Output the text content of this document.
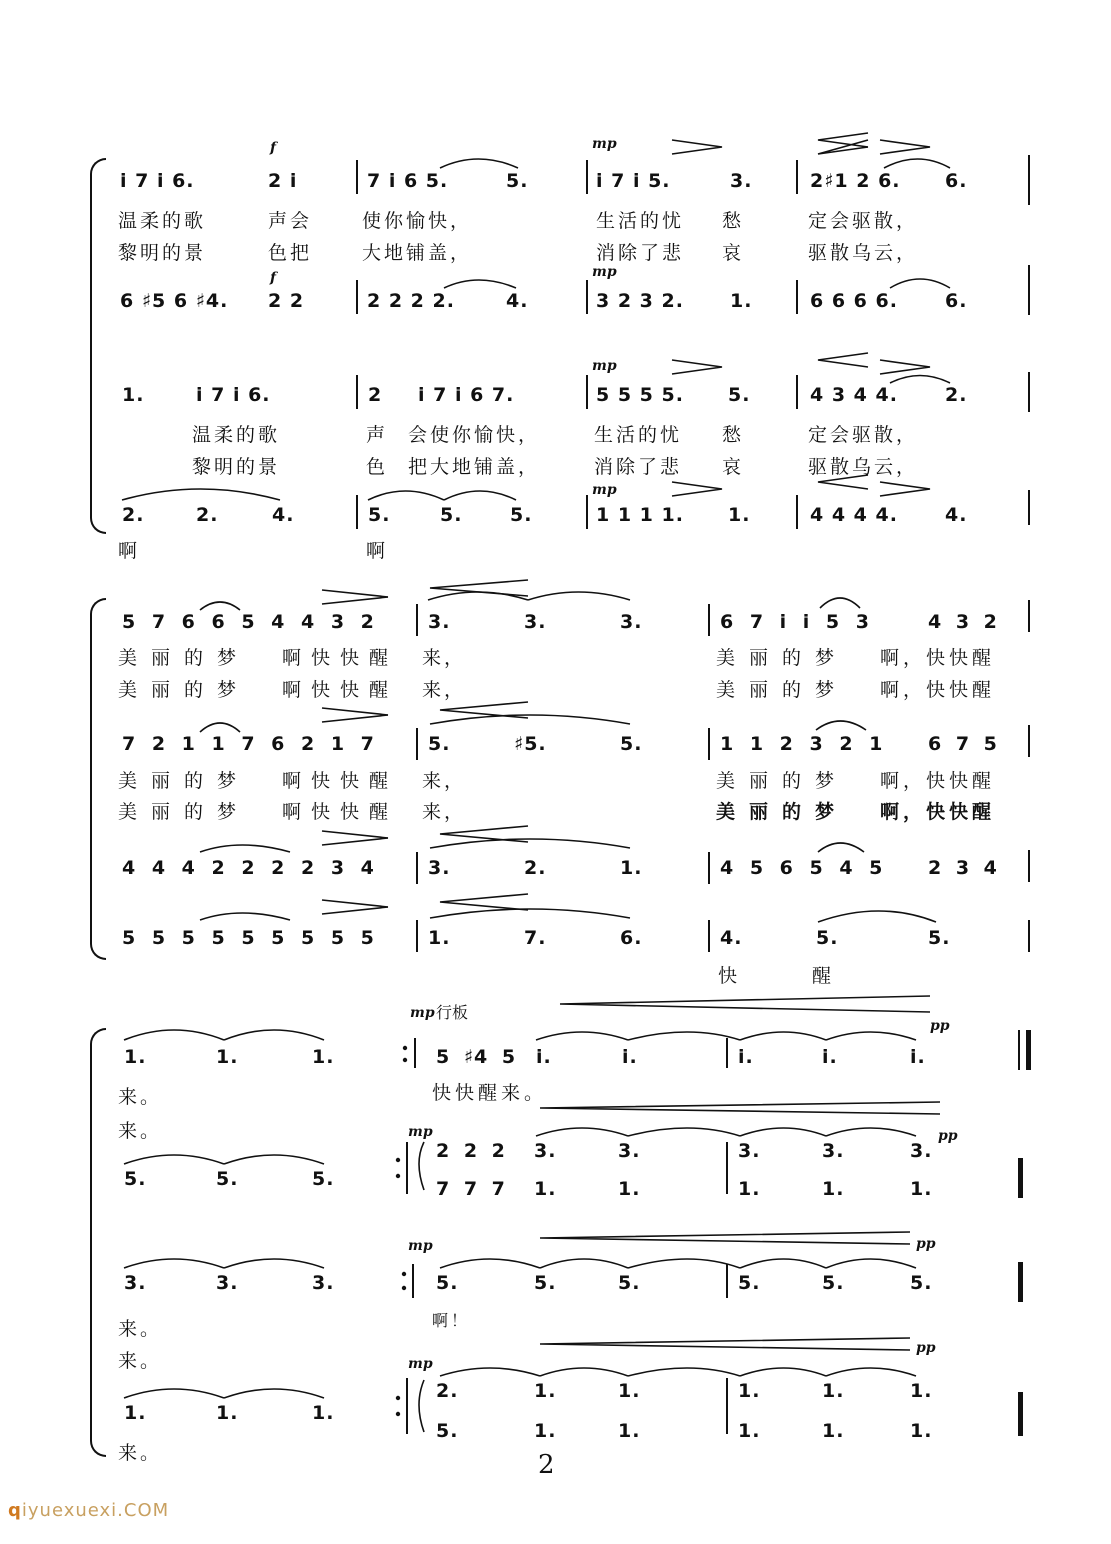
f	mp
i 7 i 6.	2 i	7 i 6 5.	5.	i 7 i 5.	3.	2♯1 2 6. 6.
温柔的歌	声会	使你愉快，	生活的忧 愁	定会驱散，
黎明的景	色把	大地铺盖，	消除了悲 哀	驱散乌云，
f	mp
6 ♯5 6 ♯4. 2 2	2 2 2 2.	4.	3 2 3 2. 1.	6 6 6 6. 6.
mp
1.	i 7 i 6.	2 i 7 i 6 7.	5 5 5 5. 5.	4 3 4 4. 2.
温柔的歌	声 会使你愉快，	生活的忧 愁	定会驱散，
黎明的景	色 把大地铺盖，	消除了悲 哀	驱散乌云，
mp
2.	2.	4.	5.	5.	5.	1 1 1 1. 1.	4 4 4 4. 4.
啊	啊
5 7 6 6 5 4 4 3 2	3.	3.	3.	6 7 i i 5 3	4 3 2
美丽的梦 啊快快醒 来，	美丽的梦 啊，快快醒
美丽的梦 啊快快醒 来，	美丽的梦 啊，快快醒
7 2 1 1 7 6 2 1 7	5.	♯5.	5.	1 1 2 3 2 1 6 7 5
美丽的梦 啊快快醒 来，	美丽的梦 啊，快快醒
美丽的梦 啊快快醒 来，	美丽的梦 啊，快快醒
4 4 4 2 2 2 2 3 4	3.	2.	1.	4 5 6 5 4 5 2 3 4
5 5 5 5 5 5 5 5 5	1.	7.	6.	4.	5.	5.
快	醒
mp 行板
pp
1.	1.	1.	5 ♯4 5 i.	i.	i.	i.	i.
来。	快快醒来。
来。	mp	pp
5.	5.	5.
2 2 2 3.	3.	3.	3.	3.
7 7 7 1.	1.	1.	1.	1.
mp	pp
3.	3.	3.	5.	5.	5.	5.	5.	5.
来。	啊！
来。	mp
pp
1.	1.	1.
2.	1.	1.	1.	1.	1.
5.	1.	1.	1.	1.	1.
来。	2
qiyuexuexi.COM
